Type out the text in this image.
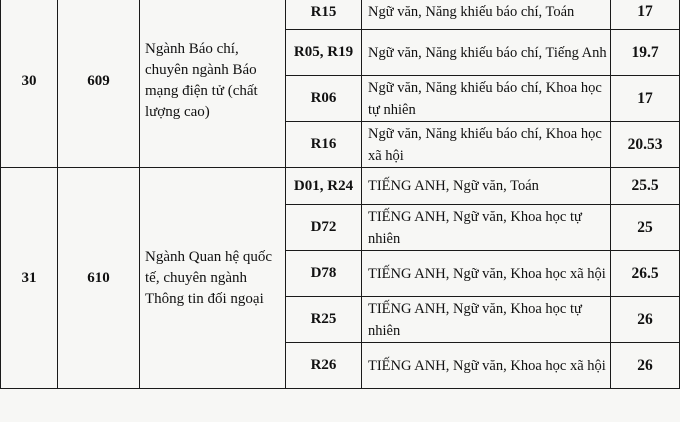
30	609	Ngành Báo chí, chuyên ngành Báo mạng điện tử (chất lượng cao)	R15	Ngữ văn, Năng khiếu báo chí, Toán	17
			R05, R19	Ngữ văn, Năng khiếu báo chí, Tiếng Anh	19.7
			R06	Ngữ văn, Năng khiếu báo chí, Khoa học tự nhiên	17
			R16	Ngữ văn, Năng khiếu báo chí, Khoa học xã hội	20.53
31	610	Ngành Quan hệ quốc tế, chuyên ngành Thông tin đối ngoại	D01, R24	TIẾNG ANH, Ngữ văn, Toán	25.5
			D72	TIẾNG ANH, Ngữ văn, Khoa học tự nhiên	25
			D78	TIẾNG ANH, Ngữ văn, Khoa học xã hội	26.5
			R25	TIẾNG ANH, Ngữ văn, Khoa học tự nhiên	26
			R26	TIẾNG ANH, Ngữ văn, Khoa học xã hội	26
